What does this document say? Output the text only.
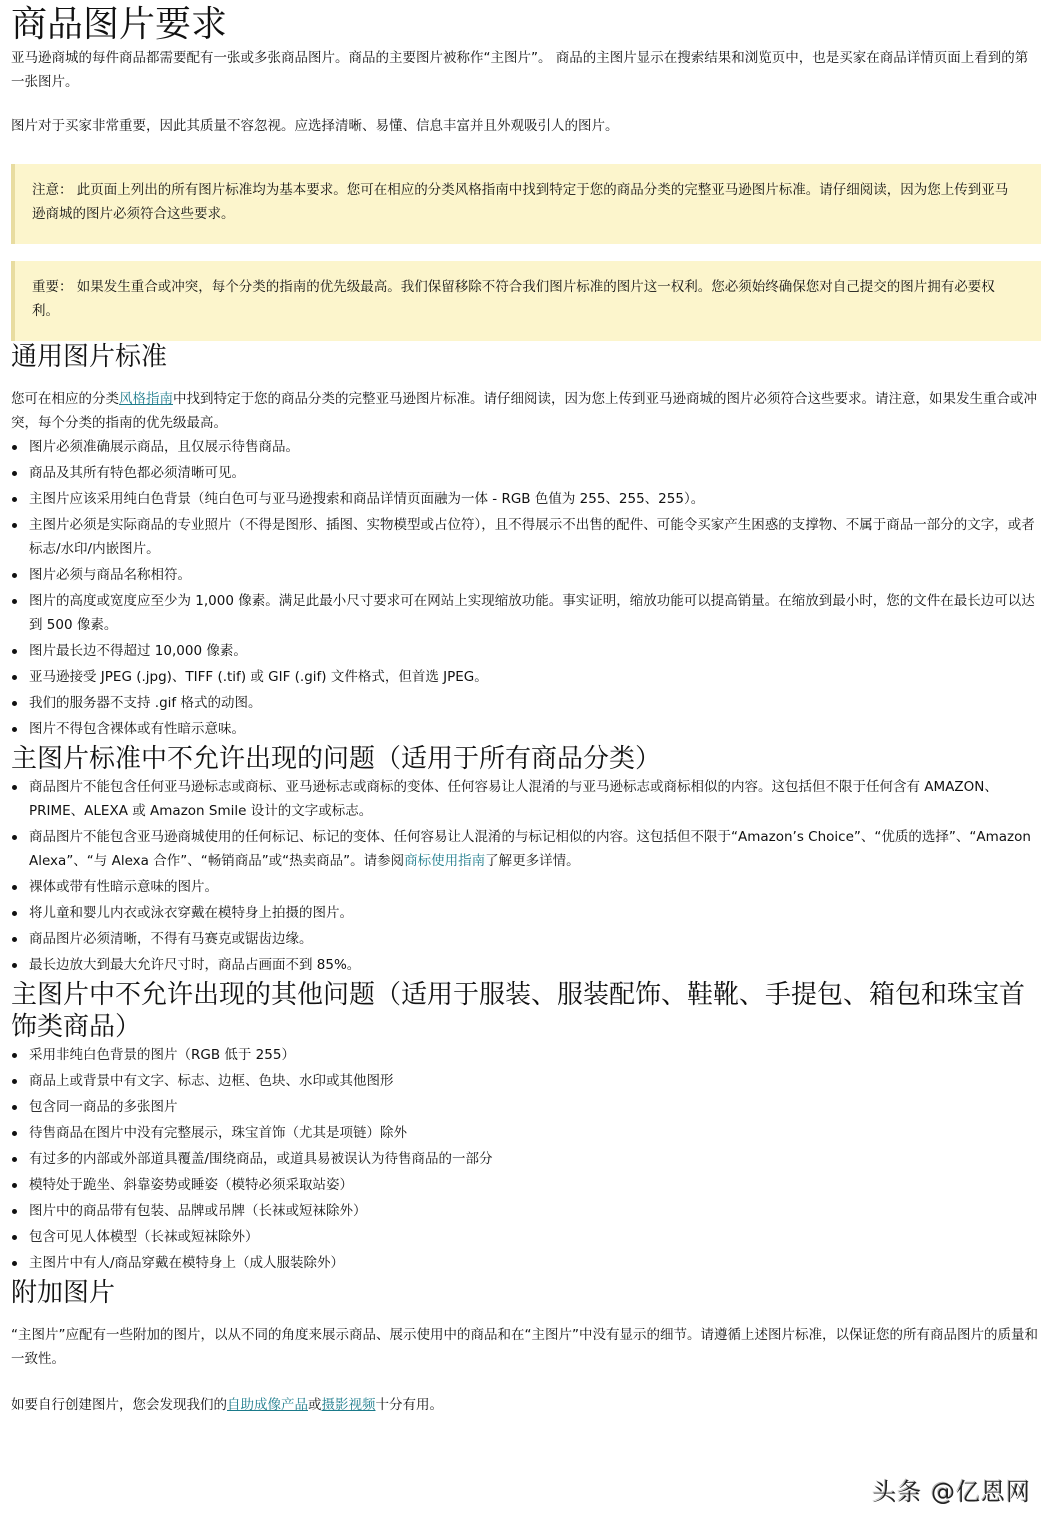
商品图片要求

亚马逊商城的每件商品都需要配有一张或多张商品图片。商品的主要图片被称作“主图片”。 商品的主图片显示在搜索结果和浏览页中，也是买家在商品详情页面上看到的第一张图片。

图片对于买家非常重要，因此其质量不容忽视。应选择清晰、易懂、信息丰富并且外观吸引人的图片。

注意： 此页面上列出的所有图片标准均为基本要求。您可在相应的分类风格指南中找到特定于您的商品分类的完整亚马逊图片标准。请仔细阅读，因为您上传到亚马逊商城的图片必须符合这些要求。
重要： 如果发生重合或冲突，每个分类的指南的优先级最高。我们保留移除不符合我们图片标准的图片这一权利。您必须始终确保您对自己提交的图片拥有必要权利。
通用图片标准

您可在相应的分类风格指南中找到特定于您的商品分类的完整亚马逊图片标准。请仔细阅读，因为您上传到亚马逊商城的图片必须符合这些要求。请注意，如果发生重合或冲突，每个分类的指南的优先级最高。

图片必须准确展示商品，且仅展示待售商品。
商品及其所有特色都必须清晰可见。
主图片应该采用纯白色背景（纯白色可与亚马逊搜索和商品详情页面融为一体 - RGB 色值为 255、255、255）。
主图片必须是实际商品的专业照片（不得是图形、插图、实物模型或占位符），且不得展示不出售的配件、可能令买家产生困惑的支撑物、不属于商品一部分的文字，或者标志/水印/内嵌图片。
图片必须与商品名称相符。
图片的高度或宽度应至少为 1,000 像素。满足此最小尺寸要求可在网站上实现缩放功能。事实证明，缩放功能可以提高销量。在缩放到最小时，您的文件在最长边可以达到 500 像素。
图片最长边不得超过 10,000 像素。
亚马逊接受 JPEG (.jpg)、TIFF (.tif) 或 GIF (.gif) 文件格式，但首选 JPEG。
我们的服务器不支持 .gif 格式的动图。
图片不得包含裸体或有性暗示意味。
主图片标准中不允许出现的问题（适用于所有商品分类）
商品图片不能包含任何亚马逊标志或商标、亚马逊标志或商标的变体、任何容易让人混淆的与亚马逊标志或商标相似的内容。这包括但不限于任何含有 AMAZON、PRIME、ALEXA 或 Amazon Smile 设计的文字或标志。
商品图片不能包含亚马逊商城使用的任何标记、标记的变体、任何容易让人混淆的与标记相似的内容。这包括但不限于“Amazon’s Choice”、“优质的选择”、“Amazon Alexa”、“与 Alexa 合作”、“畅销商品”或“热卖商品”。请参阅商标使用指南了解更多详情。
裸体或带有性暗示意味的图片。
将儿童和婴儿内衣或泳衣穿戴在模特身上拍摄的图片。
商品图片必须清晰，不得有马赛克或锯齿边缘。
最长边放大到最大允许尺寸时，商品占画面不到 85%。
主图片中不允许出现的其他问题（适用于服装、服装配饰、鞋靴、手提包、箱包和珠宝首饰类商品）
采用非纯白色背景的图片（RGB 低于 255）
商品上或背景中有文字、标志、边框、色块、水印或其他图形
包含同一商品的多张图片
待售商品在图片中没有完整展示，珠宝首饰（尤其是项链）除外
有过多的内部或外部道具覆盖/围绕商品，或道具易被误认为待售商品的一部分
模特处于跪坐、斜靠姿势或睡姿（模特必须采取站姿）
图片中的商品带有包装、品牌或吊牌（长袜或短袜除外）
包含可见人体模型（长袜或短袜除外）
主图片中有人/商品穿戴在模特身上（成人服装除外）
附加图片

“主图片”应配有一些附加的图片，以从不同的角度来展示商品、展示使用中的商品和在“主图片”中没有显示的细节。请遵循上述图片标准，以保证您的所有商品图片的质量和一致性。

如要自行创建图片，您会发现我们的自助成像产品或摄影视频十分有用。

头条 @亿恩网
